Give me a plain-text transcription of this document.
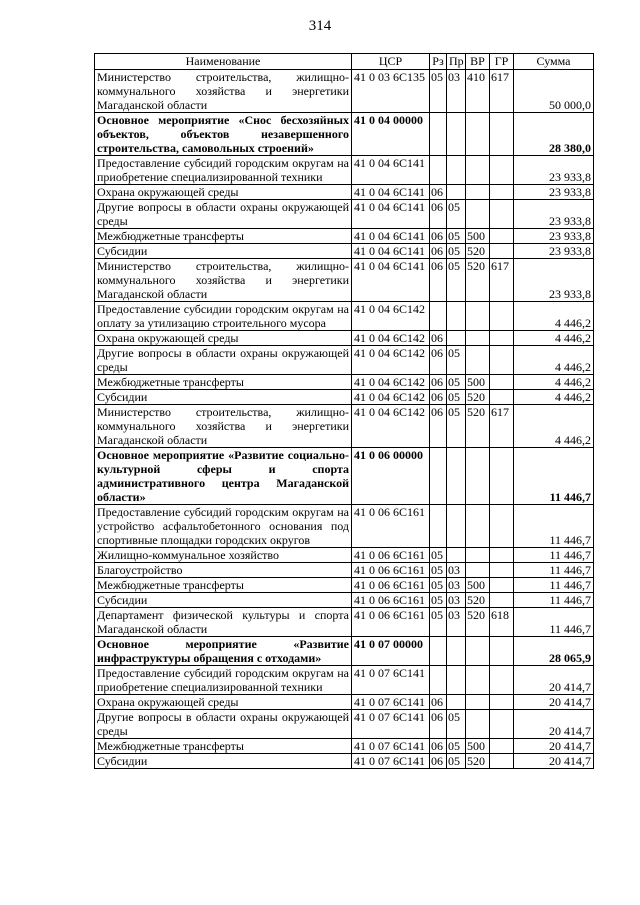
314
Наименование	ЦСР	Рз	Пр	ВР	ГР	Сумма
Министерство строительства, жилищно-коммунального хозяйства и энергетики Магаданской области	41 0 03 6С135	05	03	410	617	50 000,0
Основное мероприятие «Снос бесхозяйных объектов, объектов незавершенного строительства, самовольных строений»	41 0 04 00000					28 380,0
Предоставление субсидий городским округам на приобретение специализированной техники	41 0 04 6С141					23 933,8
Охрана окружающей среды	41 0 04 6С141	06				23 933,8
Другие вопросы в области охраны окружающей среды	41 0 04 6С141	06	05			23 933,8
Межбюджетные трансферты	41 0 04 6С141	06	05	500		23 933,8
Субсидии	41 0 04 6С141	06	05	520		23 933,8
Министерство строительства, жилищно-коммунального хозяйства и энергетики Магаданской области	41 0 04 6С141	06	05	520	617	23 933,8
Предоставление субсидии городским округам на оплату за утилизацию строительного мусора	41 0 04 6С142					4 446,2
Охрана окружающей среды	41 0 04 6С142	06				4 446,2
Другие вопросы в области охраны окружающей среды	41 0 04 6С142	06	05			4 446,2
Межбюджетные трансферты	41 0 04 6С142	06	05	500		4 446,2
Субсидии	41 0 04 6С142	06	05	520		4 446,2
Министерство строительства, жилищно-коммунального хозяйства и энергетики Магаданской области	41 0 04 6С142	06	05	520	617	4 446,2
Основное мероприятие «Развитие социально-культурной сферы и спорта административного центра Магаданской области»	41 0 06 00000					11 446,7
Предоставление субсидий городским округам на устройство асфальтобетонного основания под спортивные площадки городских округов	41 0 06 6С161					11 446,7
Жилищно-коммунальное хозяйство	41 0 06 6С161	05				11 446,7
Благоустройство	41 0 06 6С161	05	03			11 446,7
Межбюджетные трансферты	41 0 06 6С161	05	03	500		11 446,7
Субсидии	41 0 06 6С161	05	03	520		11 446,7
Департамент физической культуры и спорта Магаданской области	41 0 06 6С161	05	03	520	618	11 446,7
Основное мероприятие «Развитие инфраструктуры обращения с отходами»	41 0 07 00000					28 065,9
Предоставление субсидий городским округам на приобретение специализированной техники	41 0 07 6С141					20 414,7
Охрана окружающей среды	41 0 07 6С141	06				20 414,7
Другие вопросы в области охраны окружающей среды	41 0 07 6С141	06	05			20 414,7
Межбюджетные трансферты	41 0 07 6С141	06	05	500		20 414,7
Субсидии	41 0 07 6С141	06	05	520		20 414,7
